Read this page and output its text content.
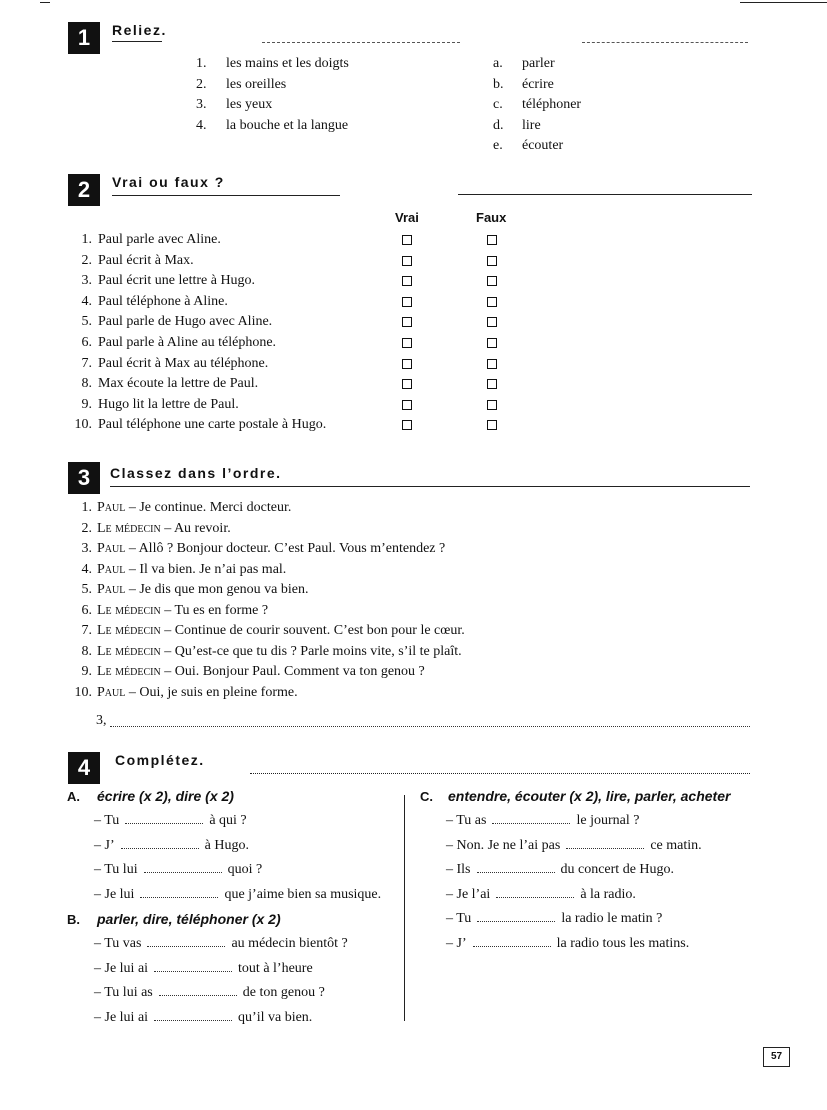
1	Reliez.
1. les mains et les doigts
2. les oreilles
3. les yeux
4. la bouche et la langue
a. parler
b. écrire
c. téléphoner
d. lire
e. écouter
2	Vrai ou faux ?
Vrai	Faux
1. Paul parle avec Aline.
2. Paul écrit à Max.
3. Paul écrit une lettre à Hugo.
4. Paul téléphone à Aline.
5. Paul parle de Hugo avec Aline.
6. Paul parle à Aline au téléphone.
7. Paul écrit à Max au téléphone.
8. Max écoute la lettre de Paul.
9. Hugo lit la lettre de Paul.
10. Paul téléphone une carte postale à Hugo.
3	Classez dans l’ordre.
1. Paul – Je continue. Merci docteur.
2. Le médecin – Au revoir.
3. Paul – Allô ? Bonjour docteur. C’est Paul. Vous m’entendez ?
4. Paul – Il va bien. Je n’ai pas mal.
5. Paul – Je dis que mon genou va bien.
6. Le médecin – Tu es en forme ?
7. Le médecin – Continue de courir souvent. C’est bon pour le cœur.
8. Le médecin – Qu’est-ce que tu dis ? Parle moins vite, s’il te plaît.
9. Le médecin – Oui. Bonjour Paul. Comment va ton genou ?
10. Paul – Oui, je suis en pleine forme.
3,
4	Complétez.
A. écrire (x 2), dire (x 2)
– Tu	à qui ?
– J’	à Hugo.
– Tu lui	quoi ?
– Je lui	que j’aime bien sa musique.
B. parler, dire, téléphoner (x 2)
– Tu vas	au médecin bientôt ?
– Je lui ai	tout à l’heure
– Tu lui as	de ton genou ?
– Je lui ai	qu’il va bien.
C. entendre, écouter (x 2), lire, parler, acheter
– Tu as	le journal ?
– Non. Je ne l’ai pas	ce matin.
– Ils	du concert de Hugo.
– Je l’ai	à la radio.
– Tu	la radio le matin ?
– J’	la radio tous les matins.
57
